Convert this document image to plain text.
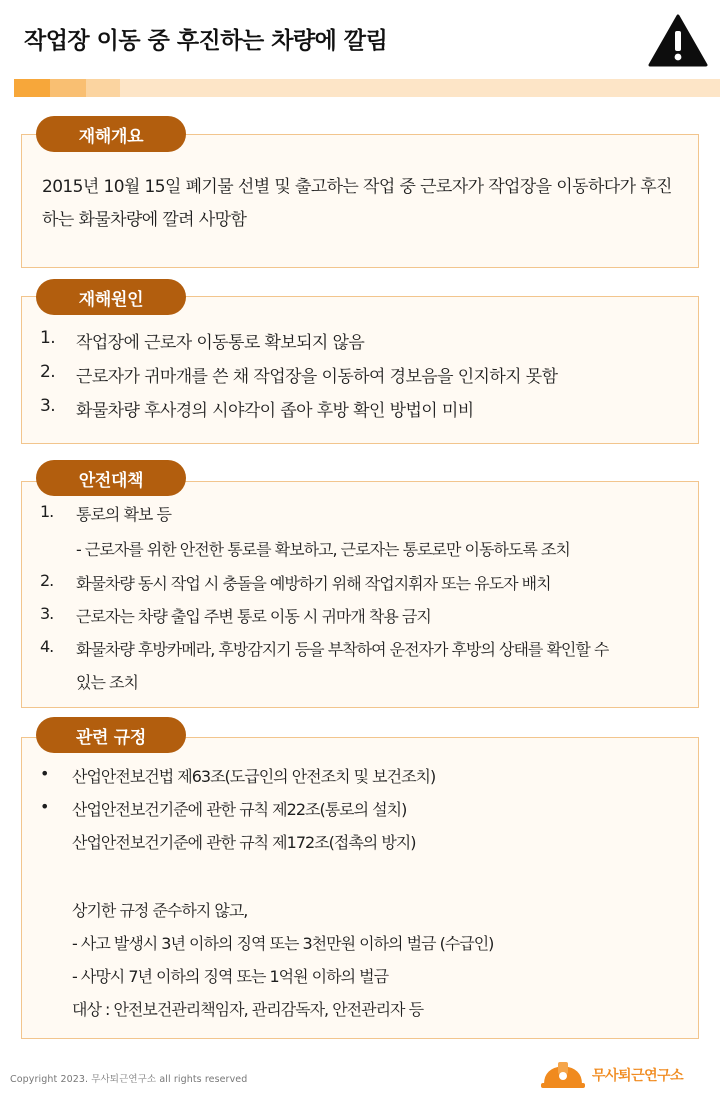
작업장 이동 중 후진하는 차량에 깔림
2015년 10월 15일 폐기물 선별 및 출고하는 작업 중 근로자가 작업장을 이동하다가 후진하는 화물차량에 깔려 사망함
재해개요
1. 작업장에 근로자 이동통로 확보되지 않음
2. 근로자가 귀마개를 쓴 채 작업장을 이동하여 경보음을 인지하지 못함
3. 화물차량 후사경의 시야각이 좁아 후방 확인 방법이 미비
재해원인
1. 통로의 확보 등
- 근로자를 위한 안전한 통로를 확보하고, 근로자는 통로로만 이동하도록 조치
2. 화물차량 동시 작업 시 충돌을 예방하기 위해 작업지휘자 또는 유도자 배치
3. 근로자는 차량 출입 주변 통로 이동 시 귀마개 착용 금지
4. 화물차량 후방카메라, 후방감지기 등을 부착하여 운전자가 후방의 상태를 확인할 수
있는 조치
안전대책
• 산업안전보건법 제63조(도급인의 안전조치 및 보건조치)
• 산업안전보건기준에 관한 규칙 제22조(통로의 설치)
산업안전보건기준에 관한 규칙 제172조(접촉의 방지)
상기한 규정 준수하지 않고,
- 사고 발생시 3년 이하의 징역 또는 3천만원 이하의 벌금 (수급인)
- 사망시 7년 이하의 징역 또는 1억원 이하의 벌금
대상 : 안전보건관리책임자, 관리감독자, 안전관리자 등
관련 규정
Copyright 2023. 무사퇴근연구소 all rights reserved	무사퇴근연구소
